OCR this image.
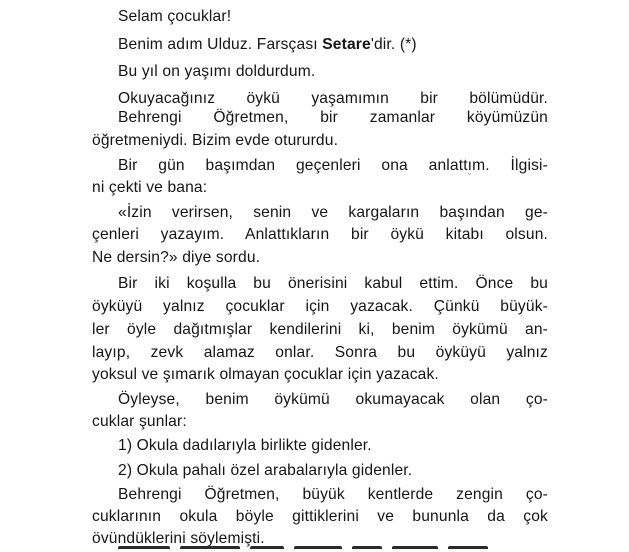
Selam çocuklar!

Benim adım Ulduz. Farsçası Setare'dir. (*)

Bu yıl on yaşımı doldurdum.

Okuyacağınız öykü yaşamımın bir bölümüdür.

Behrengi Öğretmen, bir zamanlar köyümüzün

öğretmeniydi. Bizim evde otururdu.

Bir gün başımdan geçenleri ona anlattım. İlgisi-

ni çekti ve bana:

«İzin verirsen, senin ve kargaların başından ge-

çenleri yazayım. Anlattıkların bir öykü kitabı olsun.

Ne dersin?» diye sordu.

Bir iki koşulla bu önerisini kabul ettim. Önce bu

öyküyü yalnız çocuklar için yazacak. Çünkü büyük-

ler öyle dağıtmışlar kendilerini ki, benim öykümü an-

layıp, zevk alamaz onlar. Sonra bu öyküyü yalnız

yoksul ve şımarık olmayan çocuklar için yazacak.

Öyleyse, benim öykümü okumayacak olan ço-

cuklar şunlar:

1) Okula dadılarıyla birlikte gidenler.

2) Okula pahalı özel arabalarıyla gidenler.

Behrengi Öğretmen, büyük kentlerde zengin ço-

cuklarının okula böyle gittiklerini ve bununla da çok

övündüklerini söylemişti.

ˇ
